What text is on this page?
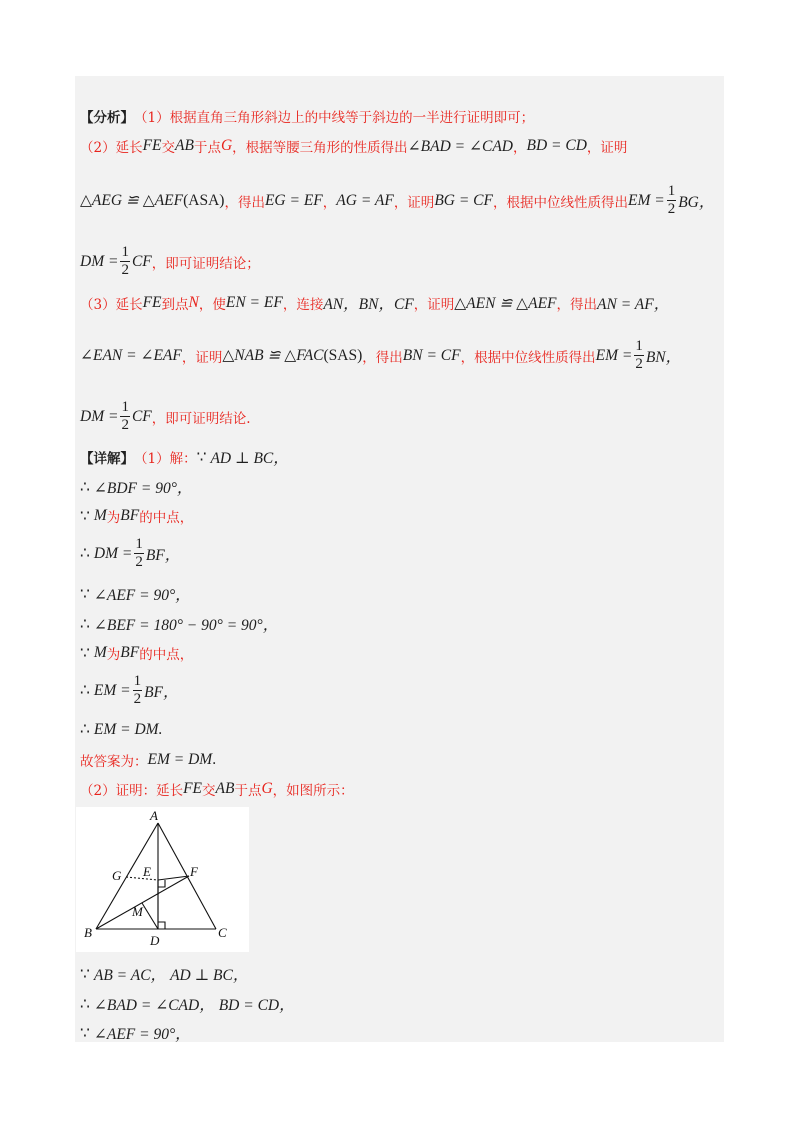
【分析】 （1）根据直角三角形斜边上的中线等于斜边的一半进行证明即可；
（2）延长 FE 交 AB 于点 G ，根据等腰三角形的性质得出 ∠BAD = ∠CAD ， BD = CD ，证明
△AEG ≌ △AEF (ASA) ，得出 EG = EF ， AG = AF ，证明 BG = CF ，根据中位线性质得出 EM = $\frac{1}{2}$ BG，
DM = $\frac{1}{2}$ CF ，即可证明结论；
（3）延长 FE 到点 N ，使 EN = EF ，连接 AN，BN，CF ，证明 △AEN ≌ △AEF ，得出 AN = AF，
∠EAN = ∠EAF ，证明 △NAB ≌ △FAC (SAS) ，得出 BN = CF ，根据中位线性质得出 EM = $\frac{1}{2}$ BN，
DM = $\frac{1}{2}$ CF ，即可证明结论.
【详解】 （1）解： ∵ AD ⊥ BC，
∴ ∠BDF = 90°，
∵ M 为 BF 的中点，
∴ DM = $\frac{1}{2}$ BF，
∵ ∠AEF = 90°，
∴ ∠BEF = 180° − 90° = 90°，
∵ M 为 BF 的中点，
∴ EM = $\frac{1}{2}$ BF，
∴ EM = DM.
故答案为： EM = DM .
（2）证明：延长 FE 交 AB 于点 G ，如图所示：
A
B	C
D
E	F
G
M
∵ AB = AC， AD ⊥ BC，
∴ ∠BAD = ∠CAD， BD = CD，
∵ ∠AEF = 90°，
